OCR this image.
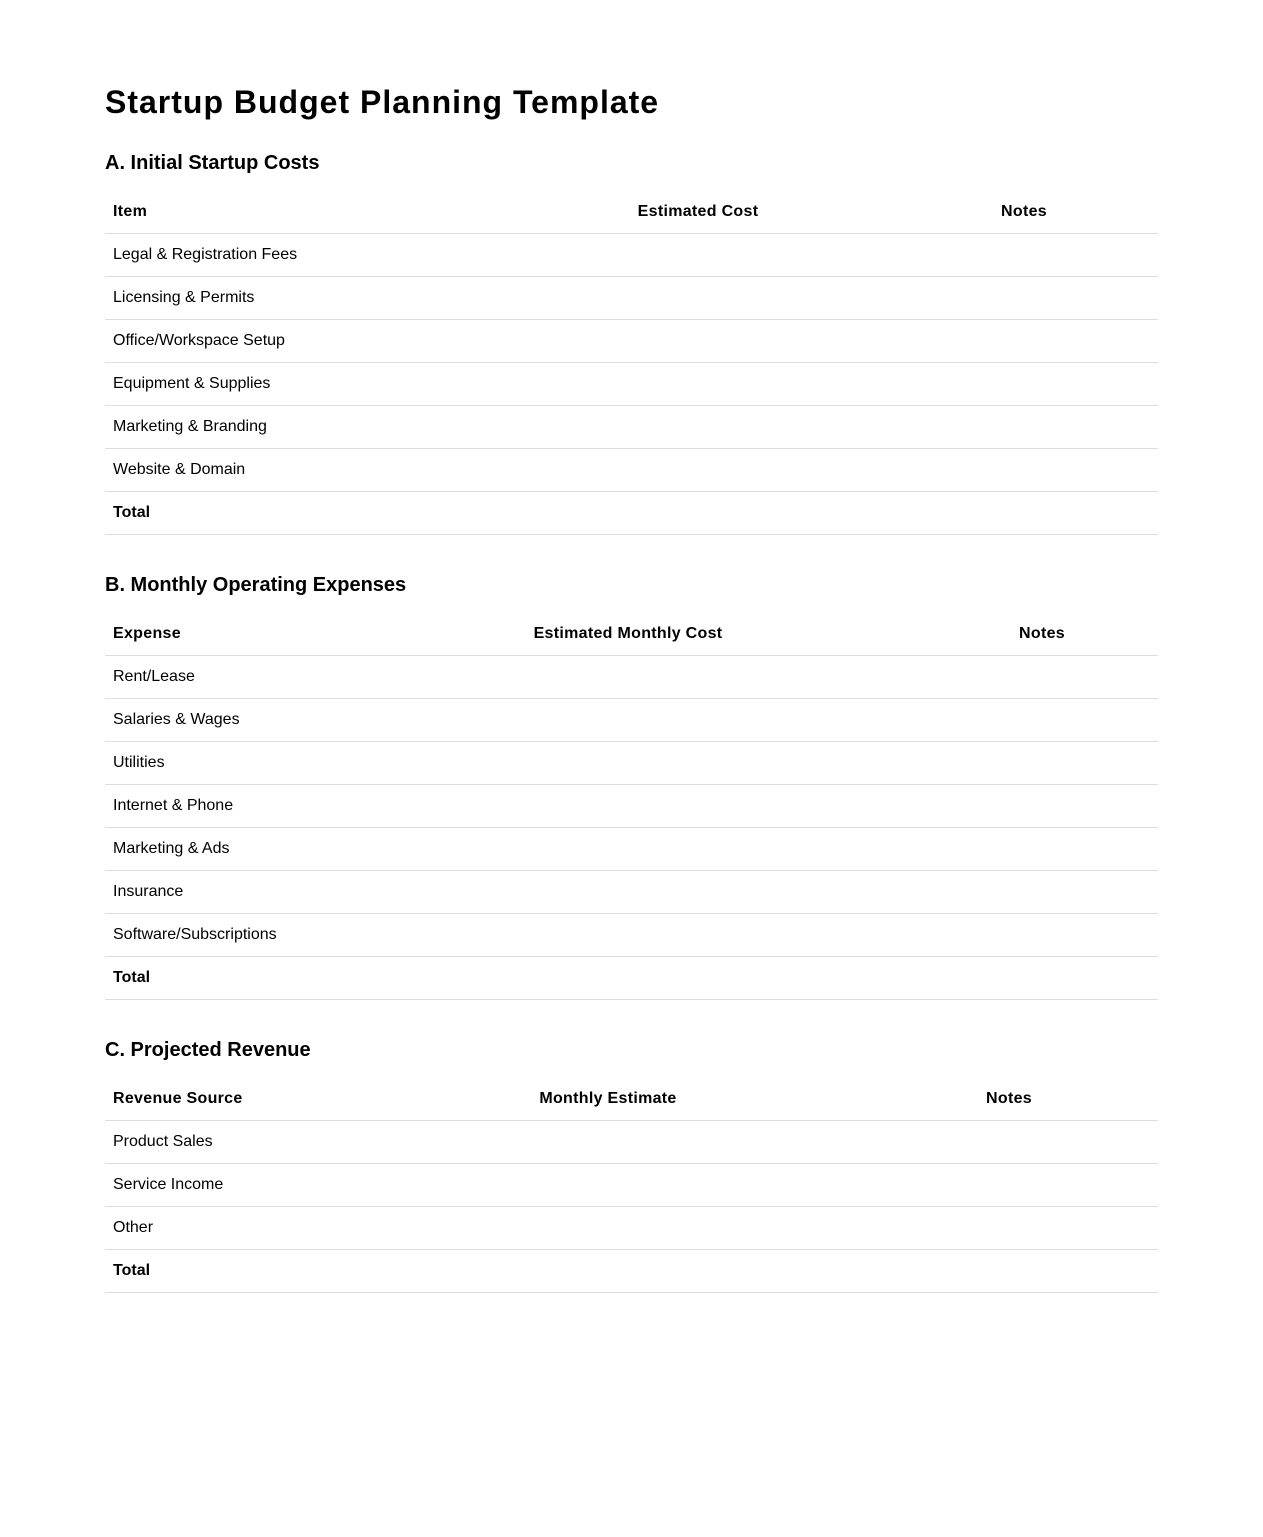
Startup Budget Planning Template
A. Initial Startup Costs
Item	Estimated Cost	Notes
Legal & Registration Fees		
Licensing & Permits		
Office/Workspace Setup		
Equipment & Supplies		
Marketing & Branding		
Website & Domain		
Total		
B. Monthly Operating Expenses
Expense	Estimated Monthly Cost	Notes
Rent/Lease		
Salaries & Wages		
Utilities		
Internet & Phone		
Marketing & Ads		
Insurance		
Software/Subscriptions		
Total		
C. Projected Revenue
Revenue Source	Monthly Estimate	Notes
Product Sales		
Service Income		
Other		
Total		
